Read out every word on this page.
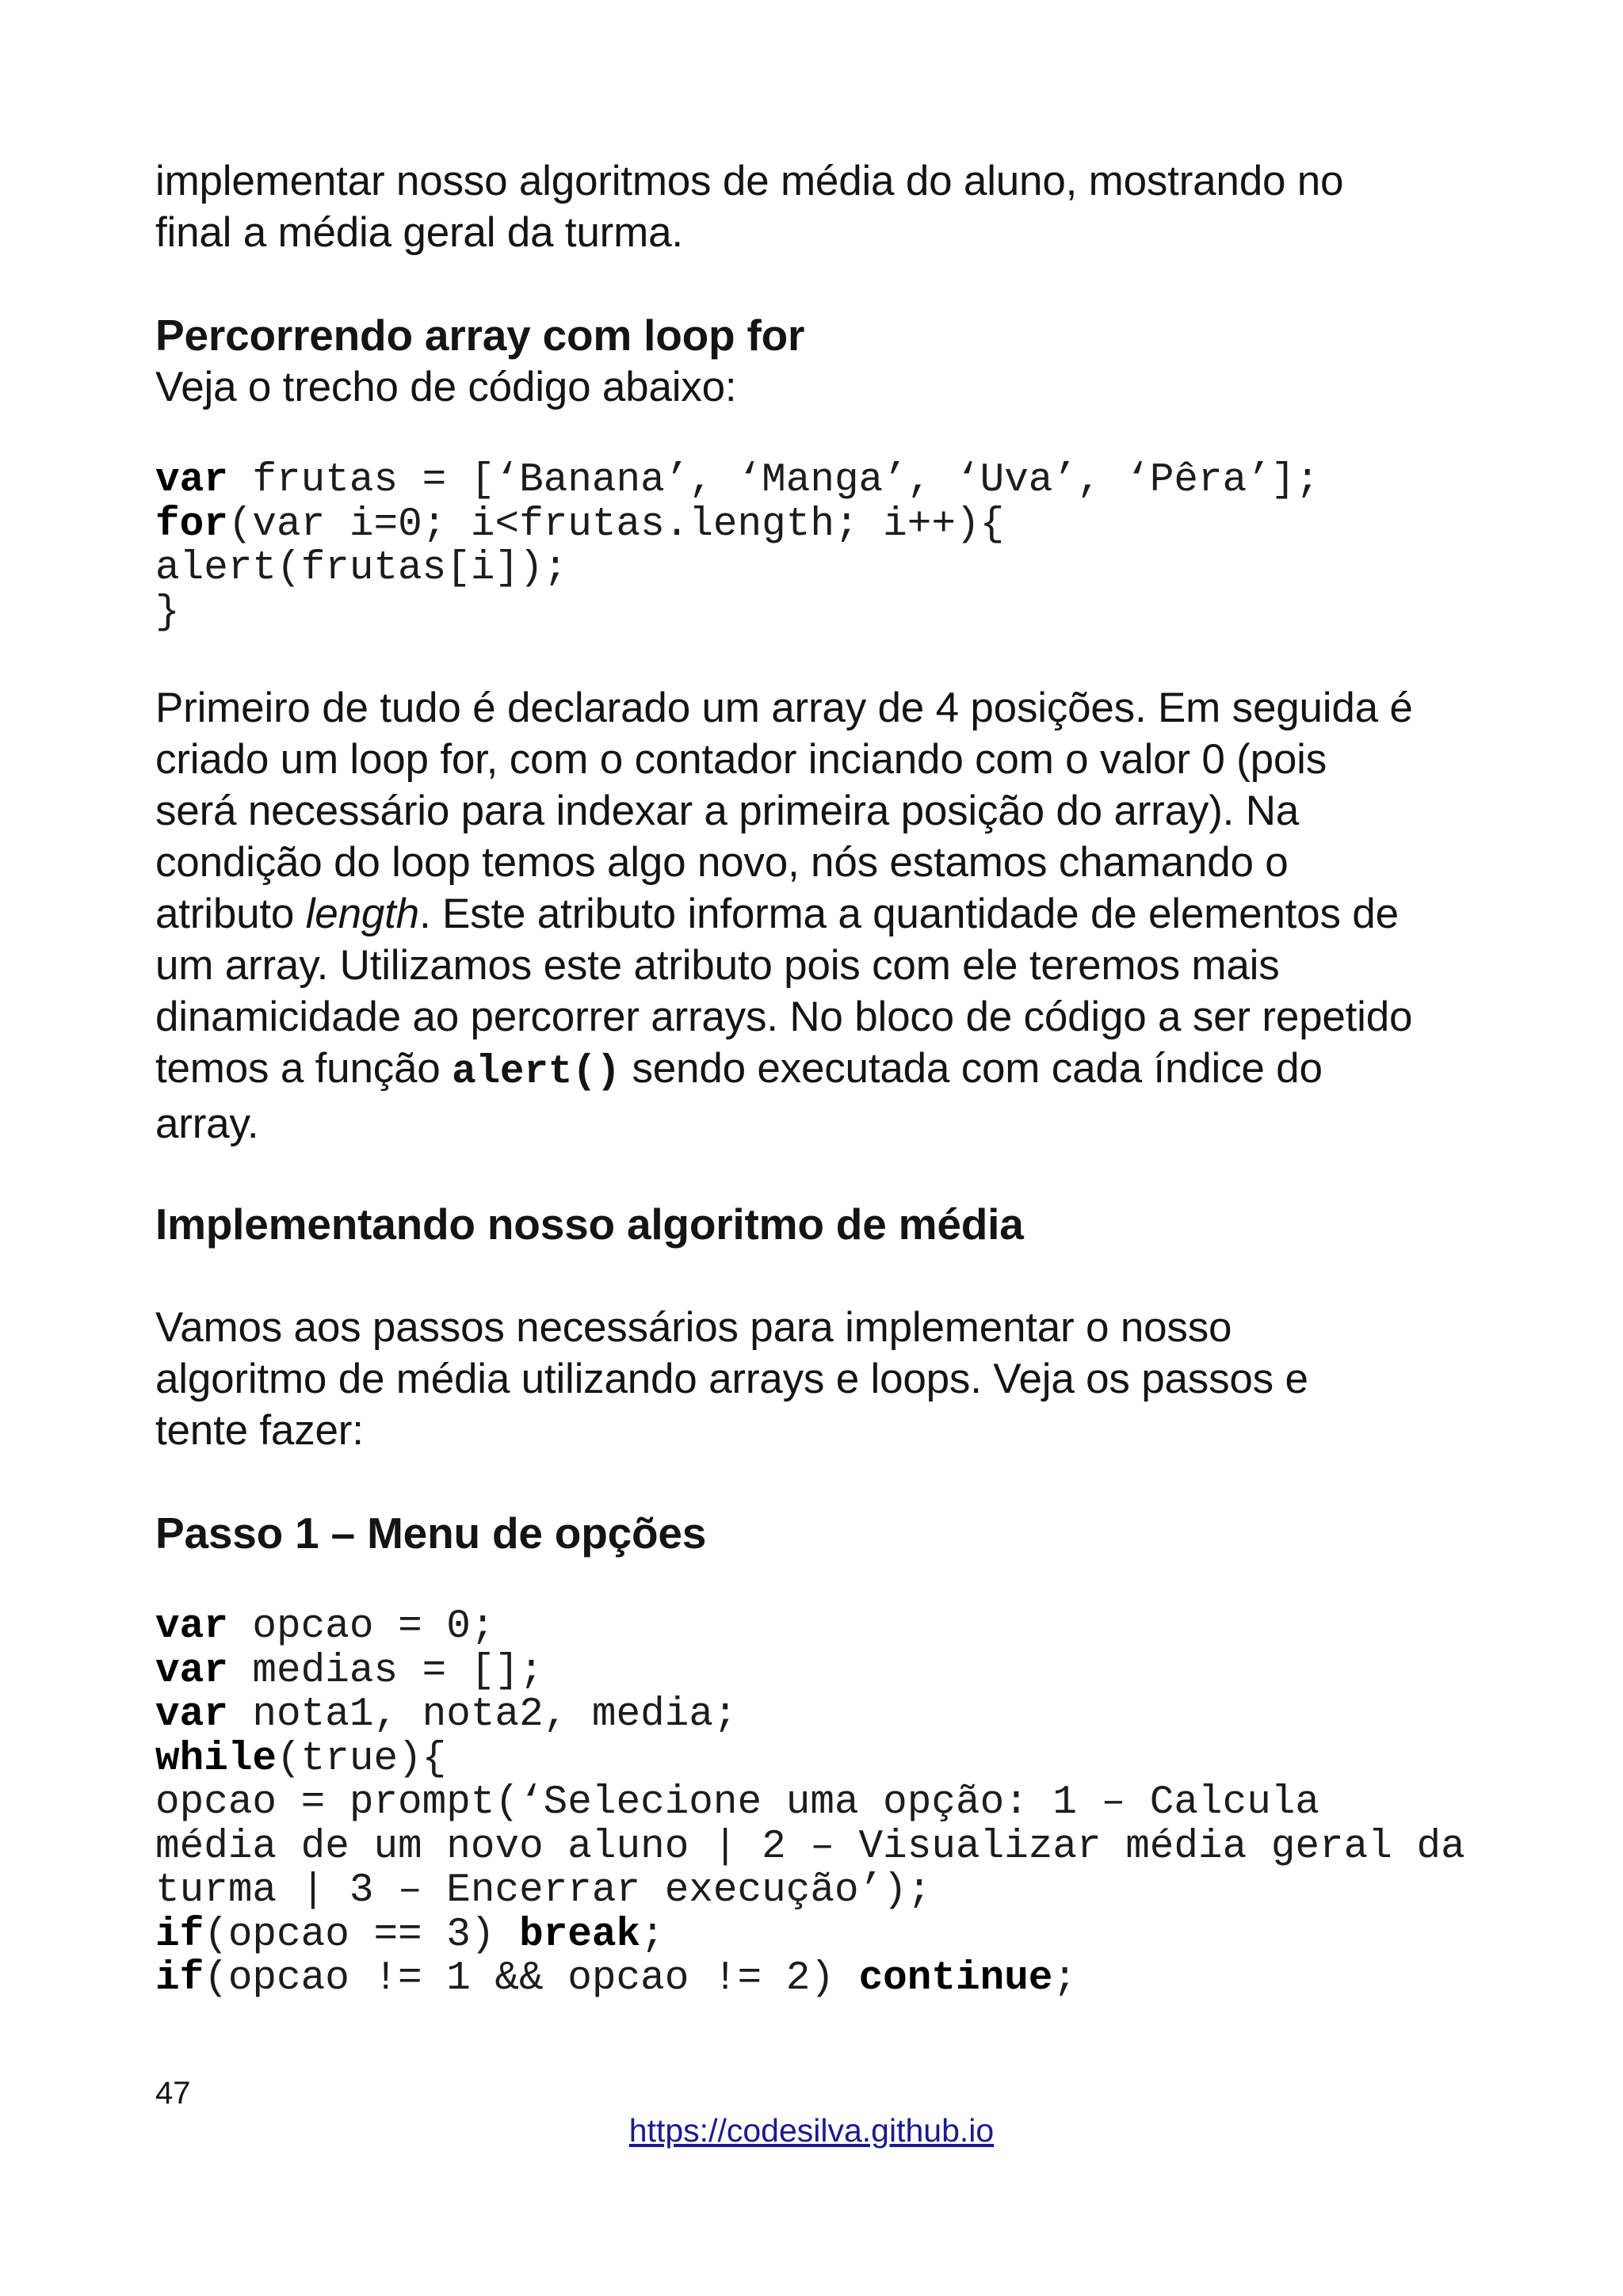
implementar nosso algoritmos de média do aluno, mostrando no
final a média geral da turma.

Percorrendo array com loop for

Veja o trecho de código abaixo:

var frutas = [‘Banana’, ‘Manga’, ‘Uva’, ‘Pêra’];
for(var i=0; i<frutas.length; i++){
alert(frutas[i]);
}

Primeiro de tudo é declarado um array de 4 posições. Em seguida é
criado um loop for, com o contador inciando com o valor 0 (pois
será necessário para indexar a primeira posição do array). Na
condição do loop temos algo novo, nós estamos chamando o
atributo length. Este atributo informa a quantidade de elementos de
um array. Utilizamos este atributo pois com ele teremos mais
dinamicidade ao percorrer arrays. No bloco de código a ser repetido
temos a função alert() sendo executada com cada índice do
array.

Implementando nosso algoritmo de média

Vamos aos passos necessários para implementar o nosso
algoritmo de média utilizando arrays e loops. Veja os passos e
tente fazer:

Passo 1 – Menu de opções

var opcao = 0;
var medias = [];
var nota1, nota2, media;
while(true){
opcao = prompt(‘Selecione uma opção: 1 – Calcula
média de um novo aluno | 2 – Visualizar média geral da
turma | 3 – Encerrar execução’);
if(opcao == 3) break;
if(opcao != 1 && opcao != 2) continue;
47
https://codesilva.github.io
